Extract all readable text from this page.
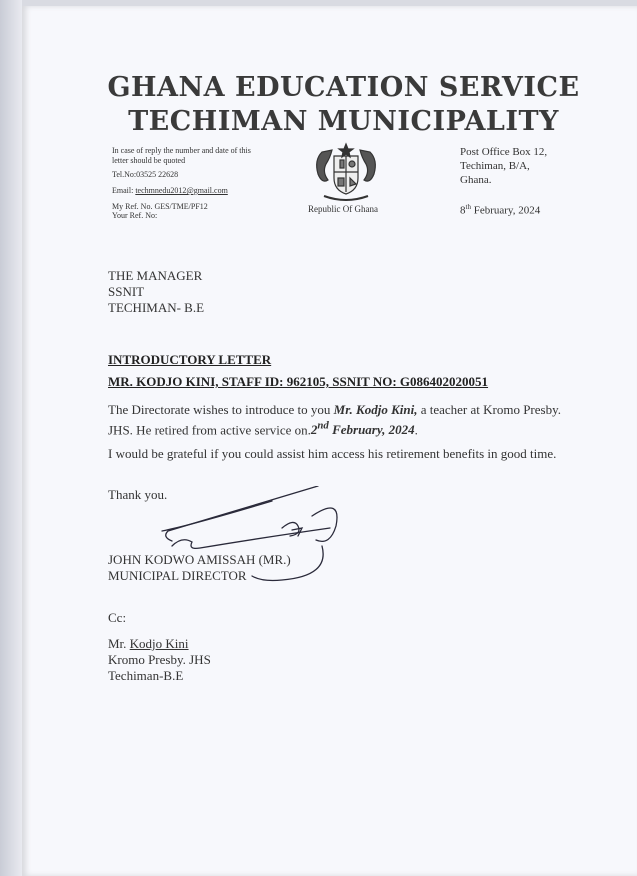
GHANA EDUCATION SERVICE
TECHIMAN MUNICIPALITY
In case of reply the number and date of this letter should be quoted
Tel.No:03525 22628
Email: techmnedu2012@gmail.com
My Ref. No. GES/TME/PF12
Your Ref. No:
Republic Of Ghana
Post Office Box 12,
Techiman, B/A,
Ghana.
8th February, 2024
THE MANAGER
SSNIT
TECHIMAN- B.E
INTRODUCTORY LETTER
MR. KODJO KINI, STAFF ID: 962105, SSNIT NO: G086402020051
The Directorate wishes to introduce to you Mr. Kodjo Kini, a teacher at Kromo Presby. JHS. He retired from active service on.2nd February, 2024.
I would be grateful if you could assist him access his retirement benefits in good time.
Thank you.
JOHN KODWO AMISSAH (MR.)
MUNICIPAL DIRECTOR
Cc:
Mr. Kodjo Kini
Kromo Presby. JHS
Techiman-B.E
